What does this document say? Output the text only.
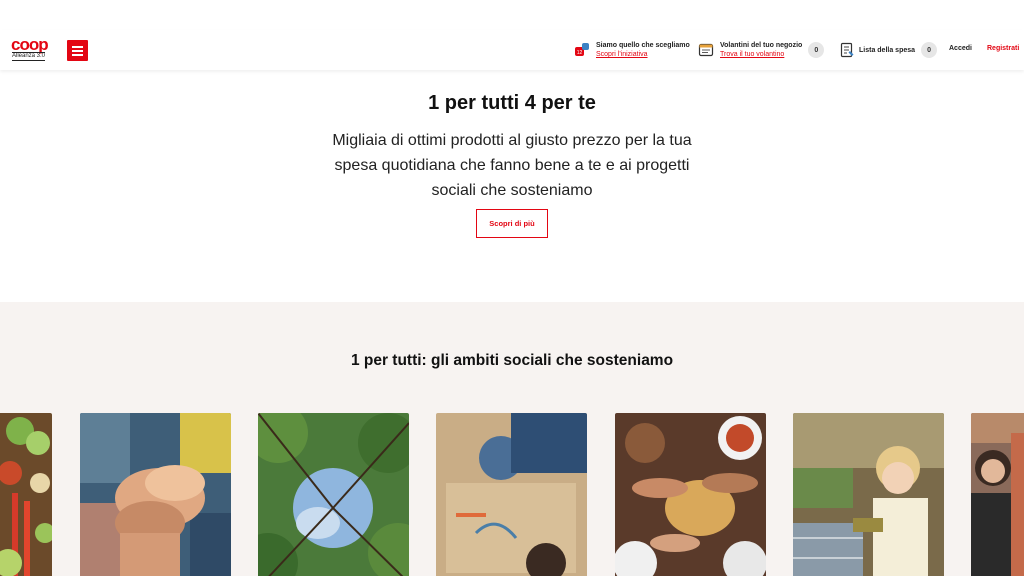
coop
Alleanza 3.0	12
Siamo quello che scegliamo
Scopri l'iniziativa
Volantini del tuo negozio
Trova il tuo volantino
0	Lista della spesa	0	Accedi Registrati
1 per tutti 4 per te

Migliaia di ottimi prodotti al giusto prezzo per la tua spesa quotidiana che fanno bene a te e ai progetti sociali che sosteniamo

Scopri di più
1 per tutti: gli ambiti sociali che sosteniamo
